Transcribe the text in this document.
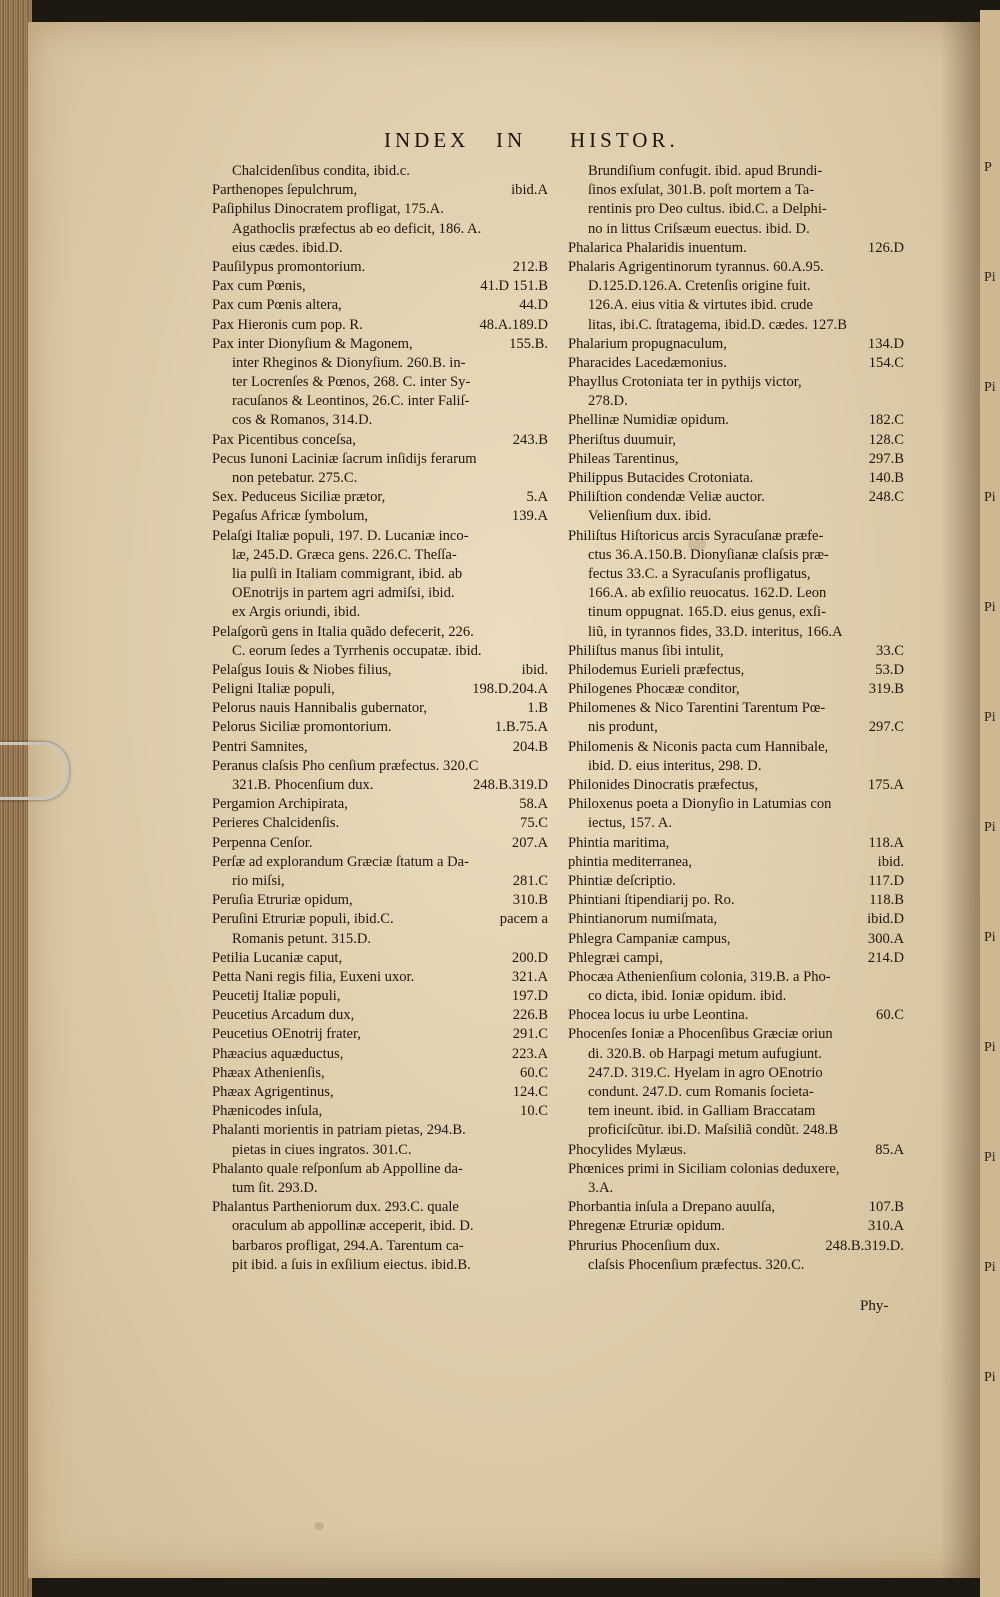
P
Pi
Pi
Pi
Pi
Pi
Pi
Pi
Pi
Pi
Pi
Pi
INDEX IN HISTOR.
Chalcidenſibus condita, ibid.c.
Parthenopes ſepulchrum,	ibid.A
Paſiphilus Dinocratem profligat, 175.A.
Agathoclis præfectus ab eo deficit, 186. A.
eius cædes. ibid.D.
Pauſilypus promontorium.	212.B
Pax cum Pœnis,	41.D 151.B
Pax cum Pœnis altera,	44.D
Pax Hieronis cum pop. R.	48.A.189.D
Pax inter Dionyſium & Magonem,	155.B.
inter Rheginos & Dionyſium. 260.B. in-
ter Locrenſes & Pœnos, 268. C. inter Sy-
racuſanos & Leontinos, 26.C. inter Faliſ-
cos & Romanos, 314.D.
Pax Picentibus conceſsa,	243.B
Pecus Iunoni Laciniæ ſacrum inſidijs ferarum
non petebatur. 275.C.
Sex. Peduceus Siciliæ prætor,	5.A
Pegaſus Africæ ſymbolum,	139.A
Pelaſgi Italiæ populi, 197. D. Lucaniæ inco-
læ, 245.D. Græca gens. 226.C. Theſſa-
lia pulſi in Italiam commigrant, ibid. ab
OEnotrijs in partem agri admiſsi, ibid.
ex Argis oriundi, ibid.
Pelaſgorũ gens in Italia quãdo defecerit, 226.
C. eorum ſedes a Tyrrhenis occupatæ. ibid.
Pelaſgus Iouis & Niobes filius,	ibid.
Peligni Italiæ populi,	198.D.204.A
Pelorus nauis Hannibalis gubernator,	1.B
Pelorus Siciliæ promontorium.	1.B.75.A
Pentri Samnites,	204.B
Peranus claſsis Pho cenſium præfectus. 320.C
321.B. Phocenſium dux.	248.B.319.D
Pergamion Archipirata,	58.A
Perieres Chalcidenſis.	75.C
Perpenna Cenſor.	207.A
Perſæ ad explorandum Græciæ ſtatum a Da-
rio miſsi,	281.C
Peruſia Etruriæ opidum,	310.B
Peruſini Etruriæ populi, ibid.C.	pacem a
Romanis petunt. 315.D.
Petilia Lucaniæ caput,	200.D
Petta Nani regis filia, Euxeni uxor.	321.A
Peucetij Italiæ populi,	197.D
Peucetius Arcadum dux,	226.B
Peucetius OEnotrij frater,	291.C
Phæacius aquæductus,	223.A
Phæax Athenienſis,	60.C
Phæax Agrigentinus,	124.C
Phænicodes inſula,	10.C
Phalanti morientis in patriam pietas, 294.B.
pietas in ciues ingratos. 301.C.
Phalanto quale reſponſum ab Appolline da-
tum ſit. 293.D.
Phalantus Partheniorum dux. 293.C. quale
oraculum ab appollinæ acceperit, ibid. D.
barbaros profligat, 294.A. Tarentum ca-
pit ibid. a ſuis in exſilium eiectus. ibid.B.
Brundiſium confugit. ibid. apud Brundi-
ſinos exſulat, 301.B. poſt mortem a Ta-
rentinis pro Deo cultus. ibid.C. a Delphi-
no in littus Criſsæum euectus. ibid. D.
Phalarica Phalaridis inuentum.	126.D
Phalaris Agrigentinorum tyrannus. 60.A.95.
D.125.D.126.A. Cretenſis origine fuit.
126.A. eius vitia & virtutes ibid. crude
litas, ibi.C. ſtratagema, ibid.D. cædes. 127.B
Phalarium propugnaculum,	134.D
Pharacides Lacedæmonius.	154.C
Phayllus Crotoniata ter in pythijs victor,
278.D.
Phellinæ Numidiæ opidum.	182.C
Pheriſtus duumuir,	128.C
Phileas Tarentinus,	297.B
Philippus Butacides Crotoniata.	140.B
Philiſtion condendæ Veliæ auctor.	248.C
Velienſium dux. ibid.
Philiſtus Hiſtoricus arcis Syracuſanæ præfe-
ctus 36.A.150.B. Dionyſianæ claſsis præ-
fectus 33.C. a Syracuſanis profligatus,
166.A. ab exſilio reuocatus. 162.D. Leon
tinum oppugnat. 165.D. eius genus, exſi-
liũ, in tyrannos fides, 33.D. interitus, 166.A
Philiſtus manus ſibi intulit,	33.C
Philodemus Eurieli præfectus,	53.D
Philogenes Phocææ conditor,	319.B
Philomenes & Nico Tarentini Tarentum Pœ-
nis produnt,	297.C
Philomenis & Niconis pacta cum Hannibale,
ibid. D. eius interitus, 298. D.
Philonides Dinocratis præfectus,	175.A
Philoxenus poeta a Dionyſio in Latumias con
iectus, 157. A.
Phintia maritima,	118.A
phintia mediterranea,	ibid.
Phintiæ deſcriptio.	117.D
Phintiani ſtipendiarij po. Ro.	118.B
Phintianorum numiſmata,	ibid.D
Phlegra Campaniæ campus,	300.A
Phlegræi campi,	214.D
Phocæa Athenienſium colonia, 319.B. a Pho-
co dicta, ibid. Ioniæ opidum. ibid.
Phocea locus iu urbe Leontina.	60.C
Phocenſes Ioniæ a Phocenſibus Græciæ oriun
di. 320.B. ob Harpagi metum aufugiunt.
247.D. 319.C. Hyelam in agro OEnotrio
condunt. 247.D. cum Romanis ſocieta-
tem ineunt. ibid. in Galliam Braccatam
proficiſcũtur. ibi.D. Maſsiliã condũt. 248.B
Phocylides Mylæus.	85.A
Phœnices primi in Siciliam colonias deduxere,
3.A.
Phorbantia inſula a Drepano auulſa,	107.B
Phregenæ Etruriæ opidum.	310.A
Phrurius Phocenſium dux.	248.B.319.D.
claſsis Phocenſium præfectus. 320.C.
Phy-
